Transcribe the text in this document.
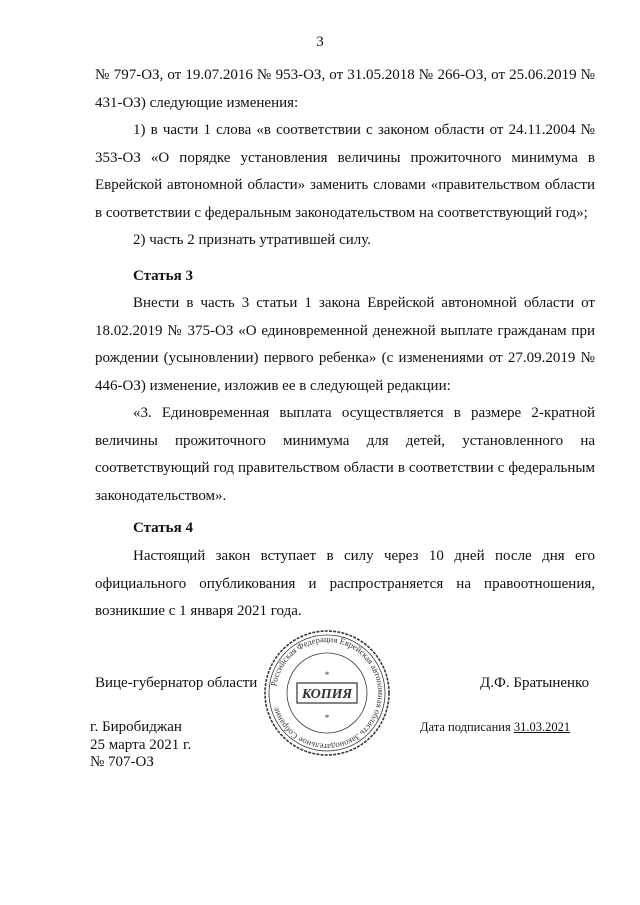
3

№ 797-ОЗ, от 19.07.2016 № 953-ОЗ, от 31.05.2018 № 266-ОЗ, от 25.06.2019 № 431-ОЗ) следующие изменения:

1) в части 1 слова «в соответствии с законом области от 24.11.2004 № 353-ОЗ «О порядке установления величины прожиточного минимума в Еврейской автономной области» заменить словами «правительством области в соответствии с федеральным законодательством на соответствующий год»;

2) часть 2 признать утратившей силу.

Статья 3

Внести в часть 3 статьи 1 закона Еврейской автономной области от 18.02.2019 № 375-ОЗ «О единовременной денежной выплате гражданам при рождении (усыновлении) первого ребенка» (с изменениями от 27.09.2019 № 446-ОЗ) изменение, изложив ее в следующей редакции:

«3. Единовременная выплата осуществляется в размере 2-кратной величины прожиточного минимума для детей, установленного на соответствующий год правительством области в соответствии с федеральным законодательством».

Статья 4

Настоящий закон вступает в силу через 10 дней после дня его официального опубликования и распространяется на правоотношения, возникшие с 1 января 2021 года.

Вице-губернатор области Российская Федерация Еврейская автономная область Законодательное Собрание
КОПИЯ
*
*
Д.Ф. Братыненко
г. Биробиджан
25 марта 2021 г.
№ 707-ОЗ
Дата подписания 31.03.2021
